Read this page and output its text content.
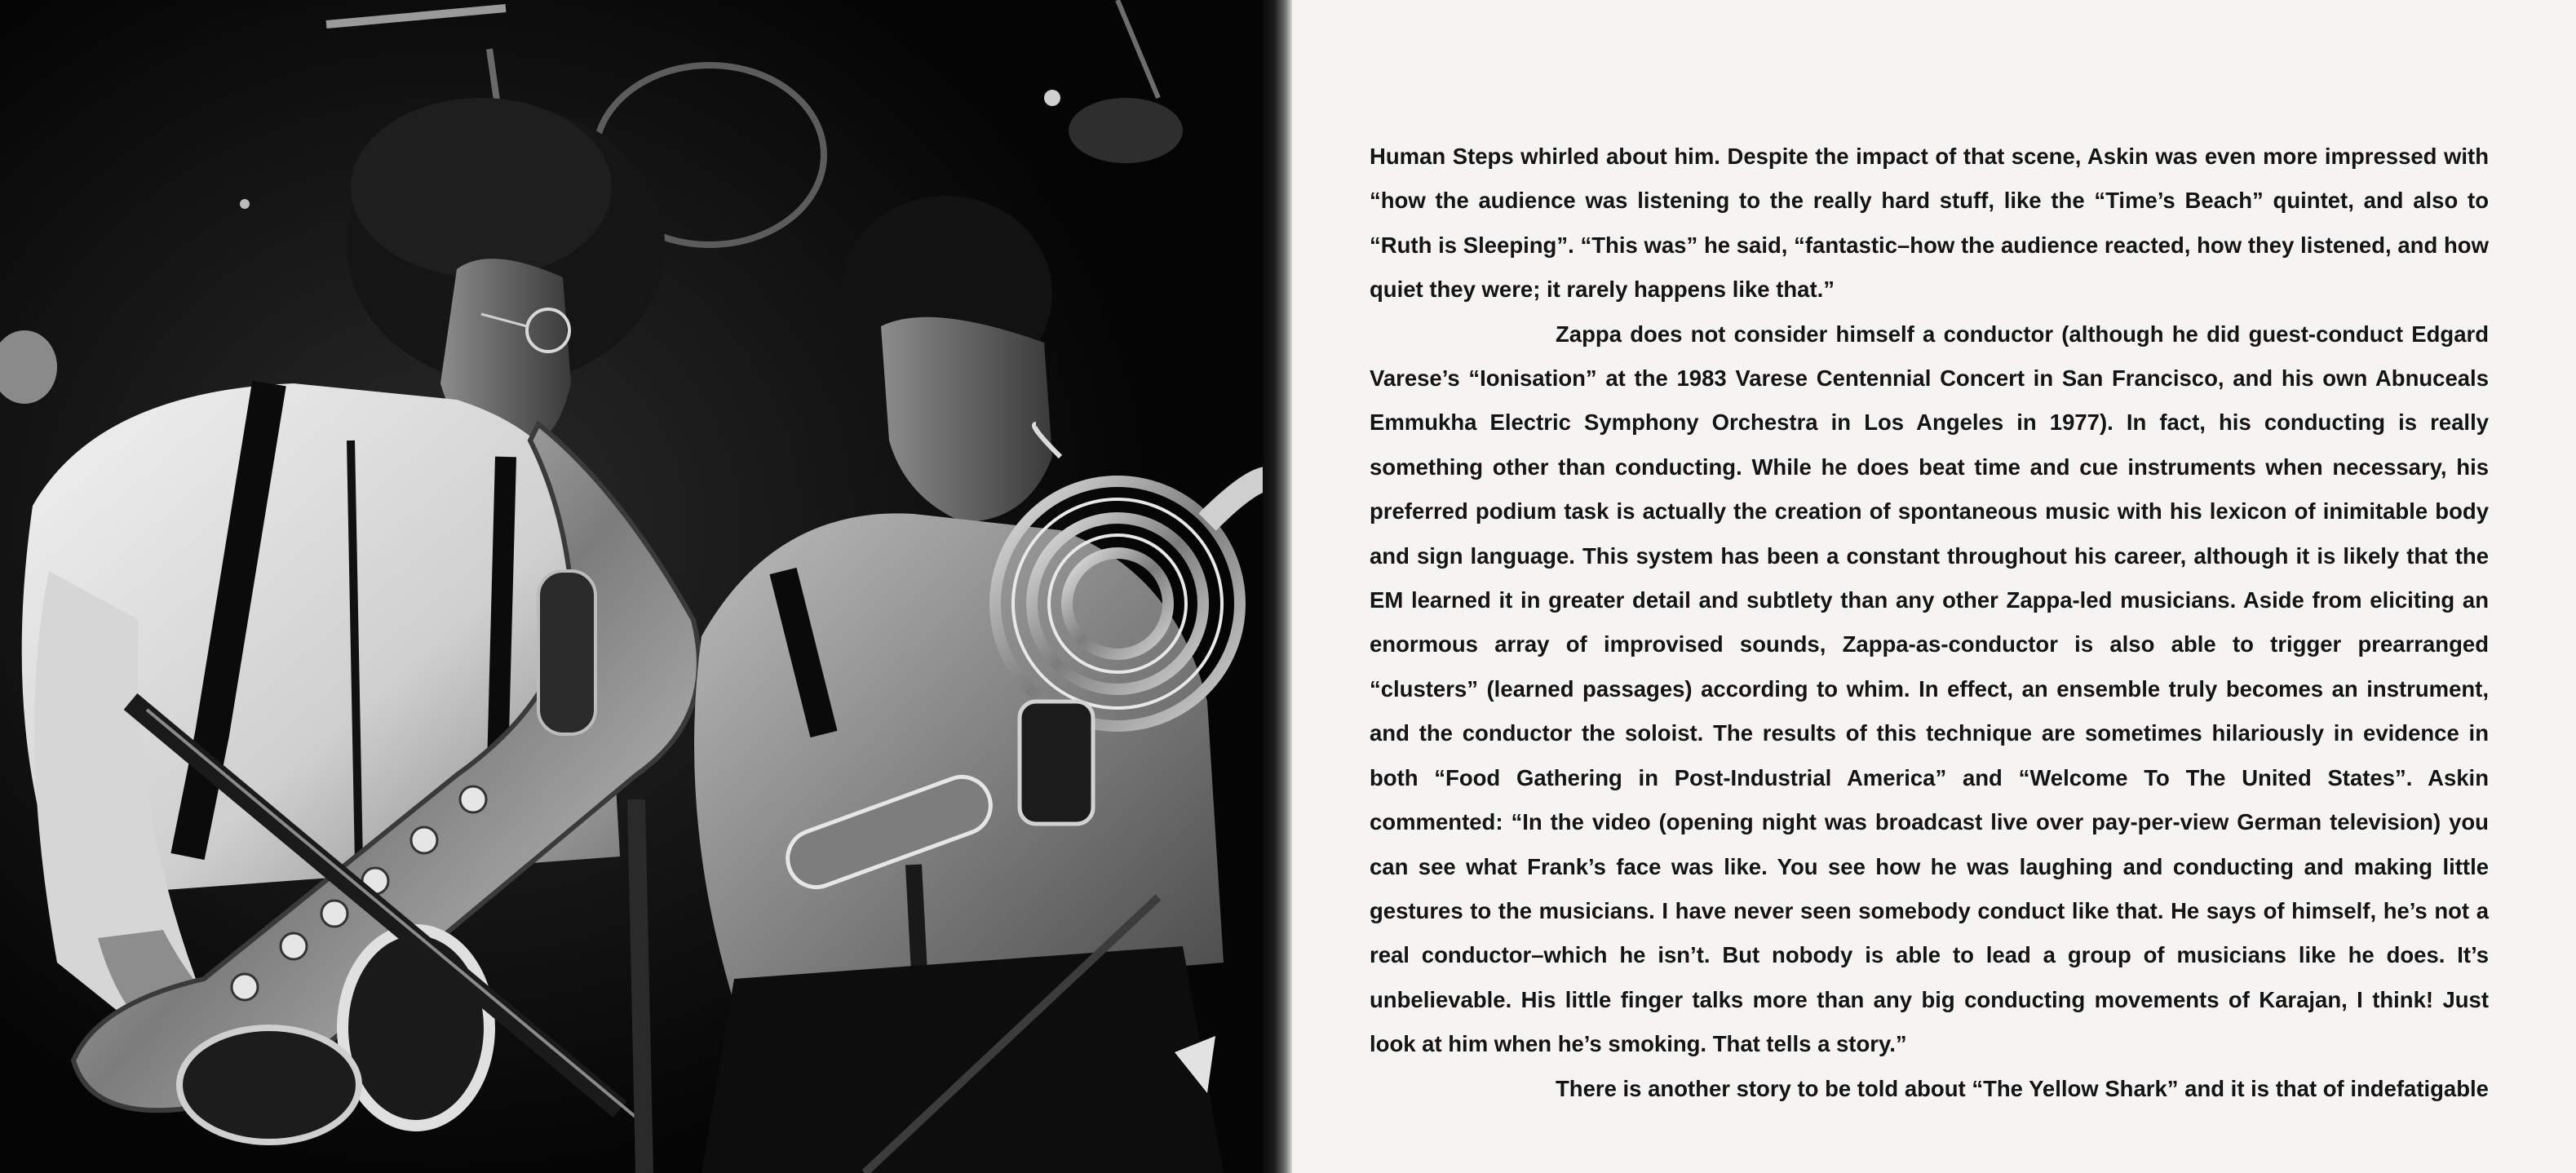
Human Steps whirled about him. Despite the impact of that scene, Askin was even more impressed with “how the audience was listening to the really hard stuff, like the “Time’s Beach” quintet, and also to “Ruth is Sleeping”. “This was” he said, “fantastic–how the audience reacted, how they listened, and how quiet they were; it rarely happens like that.”

Zappa does not consider himself a conductor (although he did guest-conduct Edgard Varese’s “Ionisation” at the 1983 Varese Centennial Concert in San Francisco, and his own Abnuceals Emmukha Electric Symphony Orchestra in Los Angeles in 1977). In fact, his conducting is really something other than conducting. While he does beat time and cue instruments when necessary, his preferred podium task is actually the creation of spontaneous music with his lexicon of inimitable body and sign language. This system has been a constant throughout his career, although it is likely that the EM learned it in greater detail and subtlety than any other Zappa-led musicians. Aside from eliciting an enormous array of improvised sounds, Zappa-as-conductor is also able to trigger prearranged “clusters” (learned passages) according to whim. In effect, an ensemble truly becomes an instrument, and the conductor the soloist. The results of this technique are sometimes hilariously in evidence in both “Food Gathering in Post-Industrial America” and “Welcome To The United States”. Askin commented: “In the video (opening night was broadcast live over pay-per-view German television) you can see what Frank’s face was like. You see how he was laughing and conducting and making little gestures to the musicians. I have never seen somebody conduct like that. He says of himself, he’s not a real conductor–which he isn’t. But nobody is able to lead a group of musicians like he does. It’s unbelievable. His little finger talks more than any big conducting movements of Karajan, I think! Just look at him when he’s smoking. That tells a story.”

There is another story to be told about “The Yellow Shark” and it is that of indefatigable
